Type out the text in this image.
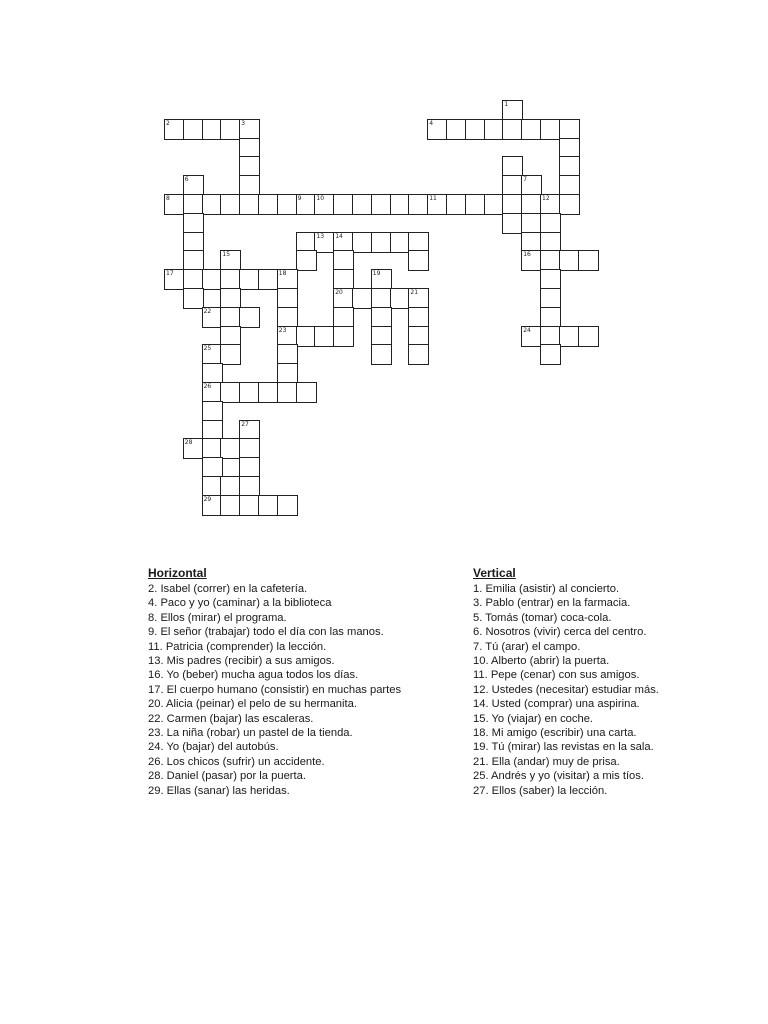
1
2	3	4
6	7
8	9 10	11	12
13 14
15	16
17	18	19
20	21
22
23	24
25
26
27
28
29
Horizontal
2. Isabel (correr) en la cafetería.
4. Paco y yo (caminar) a la biblioteca
8. Ellos (mirar) el programa.
9. El señor (trabajar) todo el día con las manos.
11. Patricia (comprender) la lección.
13. Mis padres (recibir) a sus amigos.
16. Yo (beber) mucha agua todos los días.
17. El cuerpo humano (consistir) en muchas partes
20. Alicia (peinar) el pelo de su hermanita.
22. Carmen (bajar) las escaleras.
23. La niña (robar) un pastel de la tienda.
24. Yo (bajar) del autobús.
26. Los chicos (sufrir) un accidente.
28. Daniel (pasar) por la puerta.
29. Ellas (sanar) las heridas.
Vertical
1. Emilia (asistir) al concierto.
3. Pablo (entrar) en la farmacia.
5. Tomás (tomar) coca-cola.
6. Nosotros (vivir) cerca del centro.
7. Tú (arar) el campo.
10. Alberto (abrir) la puerta.
11. Pepe (cenar) con sus amigos.
12. Ustedes (necesitar) estudiar más.
14. Usted (comprar) una aspirina.
15. Yo (viajar) en coche.
18. Mi amigo (escribir) una carta.
19. Tú (mirar) las revistas en la sala.
21. Ella (andar) muy de prisa.
25. Andrés y yo (visitar) a mis tíos.
27. Ellos (saber) la lección.
